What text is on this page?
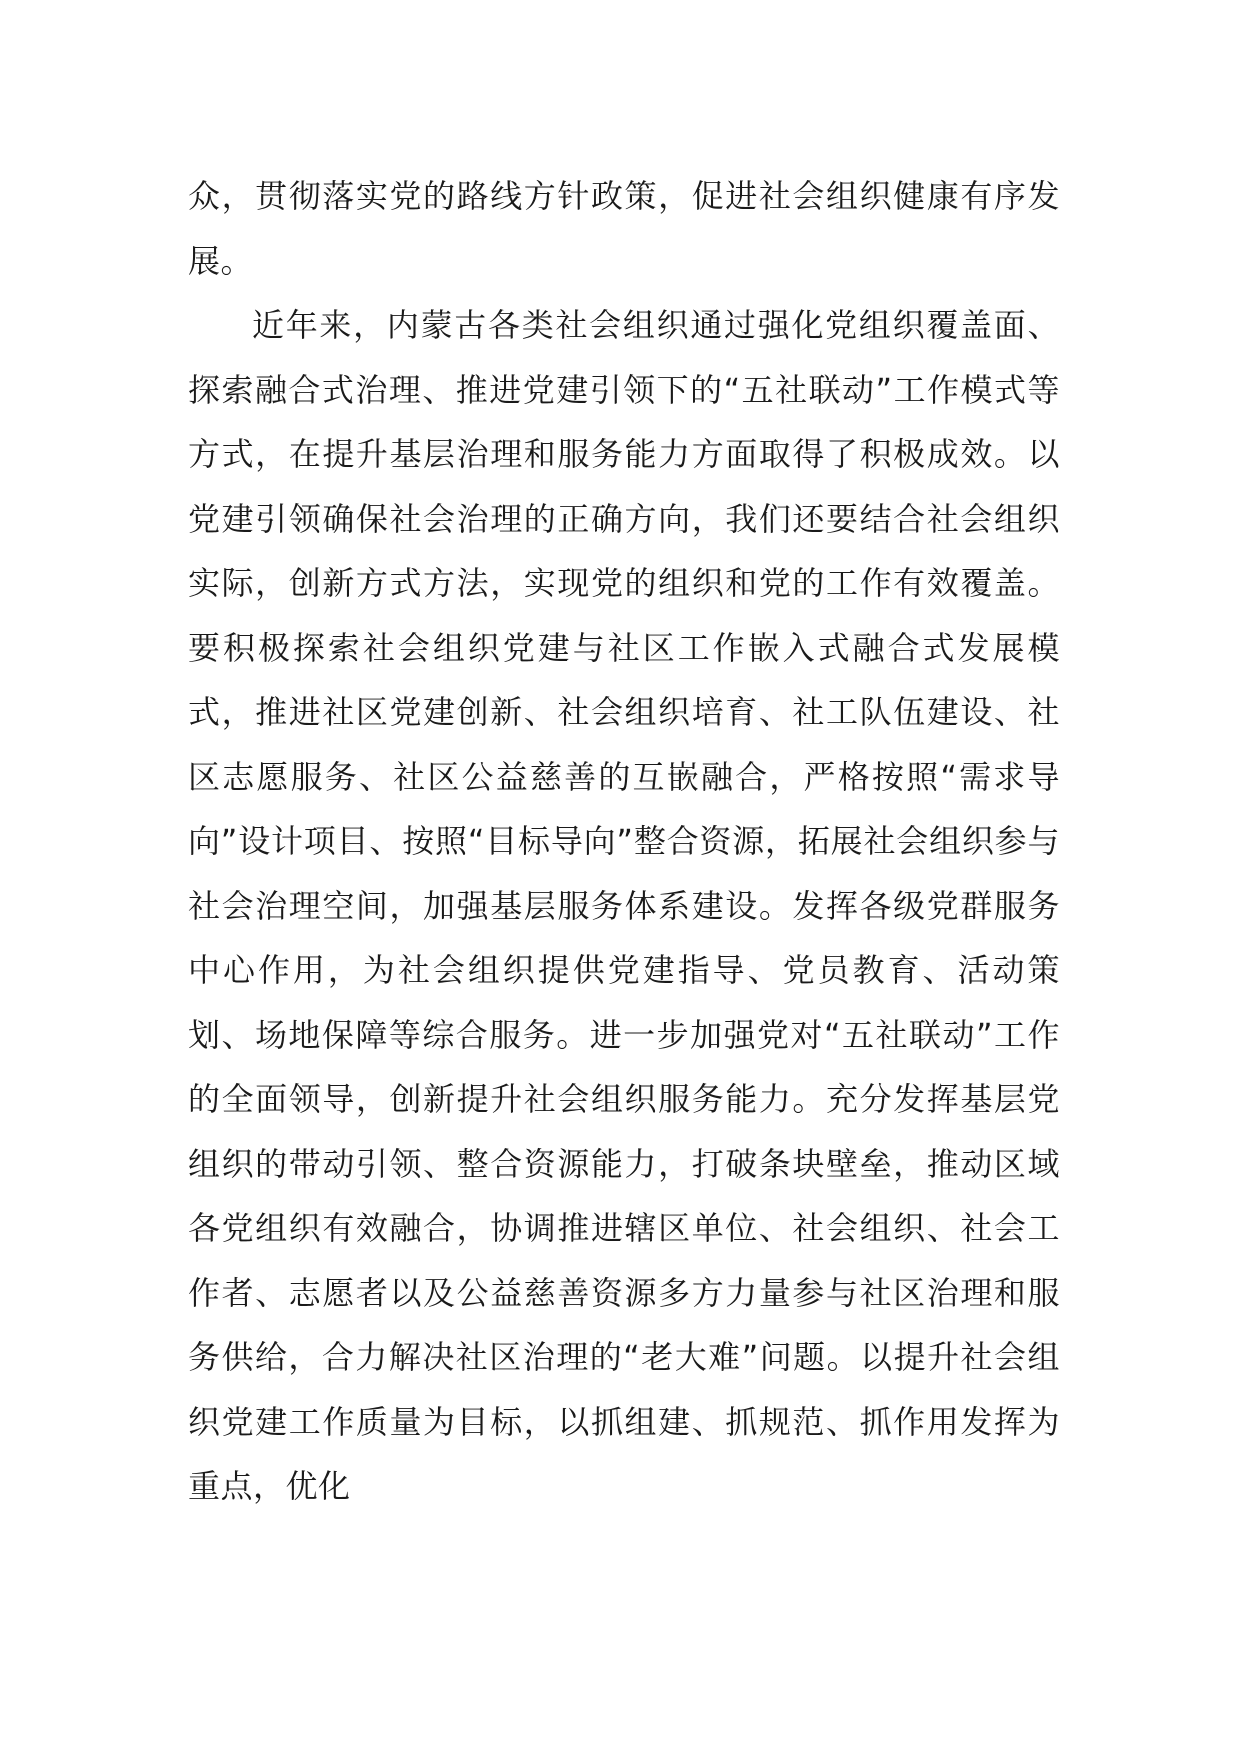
众，贯彻落实党的路线方针政策，促进社会组织健康有序发展。

近年来，内蒙古各类社会组织通过强化党组织覆盖面、探索融合式治理、推进党建引领下的“五社联动”工作模式等方式，在提升基层治理和服务能力方面取得了积极成效。以党建引领确保社会治理的正确方向，我们还要结合社会组织实际，创新方式方法，实现党的组织和党的工作有效覆盖。要积极探索社会组织党建与社区工作嵌入式融合式发展模式，推进社区党建创新、社会组织培育、社工队伍建设、社区志愿服务、社区公益慈善的互嵌融合，严格按照“需求导向”设计项目、按照“目标导向”整合资源，拓展社会组织参与社会治理空间，加强基层服务体系建设。发挥各级党群服务中心作用，为社会组织提供党建指导、党员教育、活动策划、场地保障等综合服务。进一步加强党对“五社联动”工作的全面领导，创新提升社会组织服务能力。充分发挥基层党组织的带动引领、整合资源能力，打破条块壁垒，推动区域各党组织有效融合，协调推进辖区单位、社会组织、社会工作者、志愿者以及公益慈善资源多方力量参与社区治理和服务供给，合力解决社区治理的“老大难”问题。以提升社会组织党建工作质量为目标，以抓组建、抓规范、抓作用发挥为重点，优化
